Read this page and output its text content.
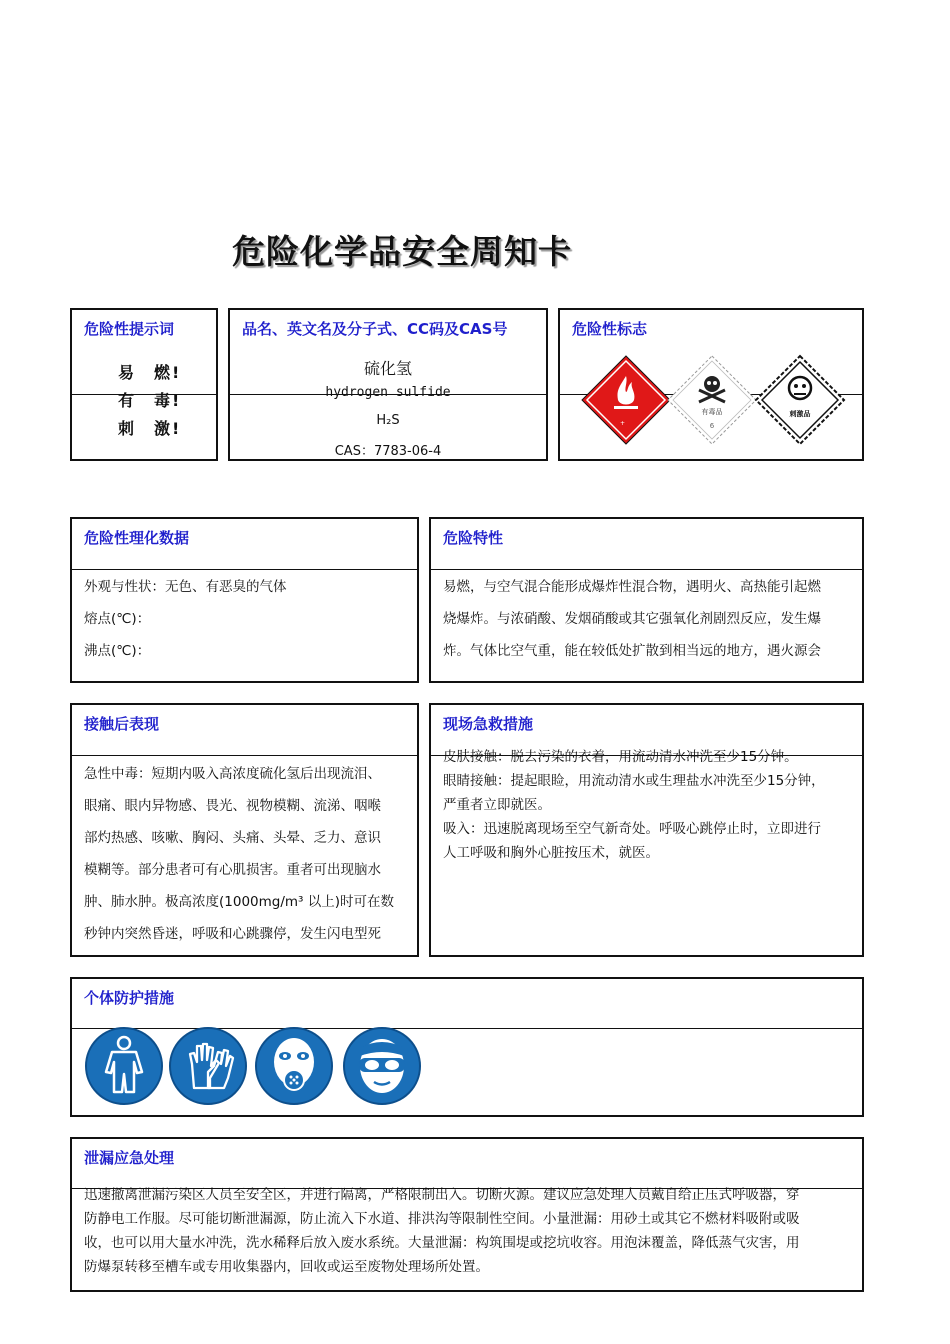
危险化学品安全周知卡
危险性提示词
易　燃!
有　毒!
刺　激!
品名、英文名及分子式、CC码及CAS号
硫化氢
hydrogen sulfide
H₂S
CAS：7783-06-4
危险性标志
+
有毒品
6
刺激品
危险性理化数据
外观与性状：无色、有恶臭的气体
熔点(℃)：
沸点(℃)：
危险特性
易燃，与空气混合能形成爆炸性混合物，遇明火、高热能引起燃
烧爆炸。与浓硝酸、发烟硝酸或其它强氧化剂剧烈反应，发生爆
炸。气体比空气重，能在较低处扩散到相当远的地方，遇火源会
接触后表现
急性中毒：短期内吸入高浓度硫化氢后出现流泪、
眼痛、眼内异物感、畏光、视物模糊、流涕、咽喉
部灼热感、咳嗽、胸闷、头痛、头晕、乏力、意识
模糊等。部分患者可有心肌损害。重者可出现脑水
肿、肺水肿。极高浓度(1000mg/m³ 以上)时可在数
秒钟内突然昏迷，呼吸和心跳骤停，发生闪电型死
现场急救措施
皮肤接触：脱去污染的衣着，用流动清水冲洗至少15分钟。
眼睛接触：提起眼睑，用流动清水或生理盐水冲洗至少15分钟，
严重者立即就医。
吸入：迅速脱离现场至空气新奇处。呼吸心跳停止时，立即进行
人工呼吸和胸外心脏按压术，就医。
个体防护措施
泄漏应急处理
迅速撤离泄漏污染区人员至安全区，并进行隔离，严格限制出入。切断火源。建议应急处理人员戴自给正压式呼吸器，穿
防静电工作服。尽可能切断泄漏源，防止流入下水道、排洪沟等限制性空间。小量泄漏：用砂土或其它不燃材料吸附或吸
收，也可以用大量水冲洗，洗水稀释后放入废水系统。大量泄漏：构筑围堤或挖坑收容。用泡沫覆盖，降低蒸气灾害，用
防爆泵转移至槽车或专用收集器内，回收或运至废物处理场所处置。
